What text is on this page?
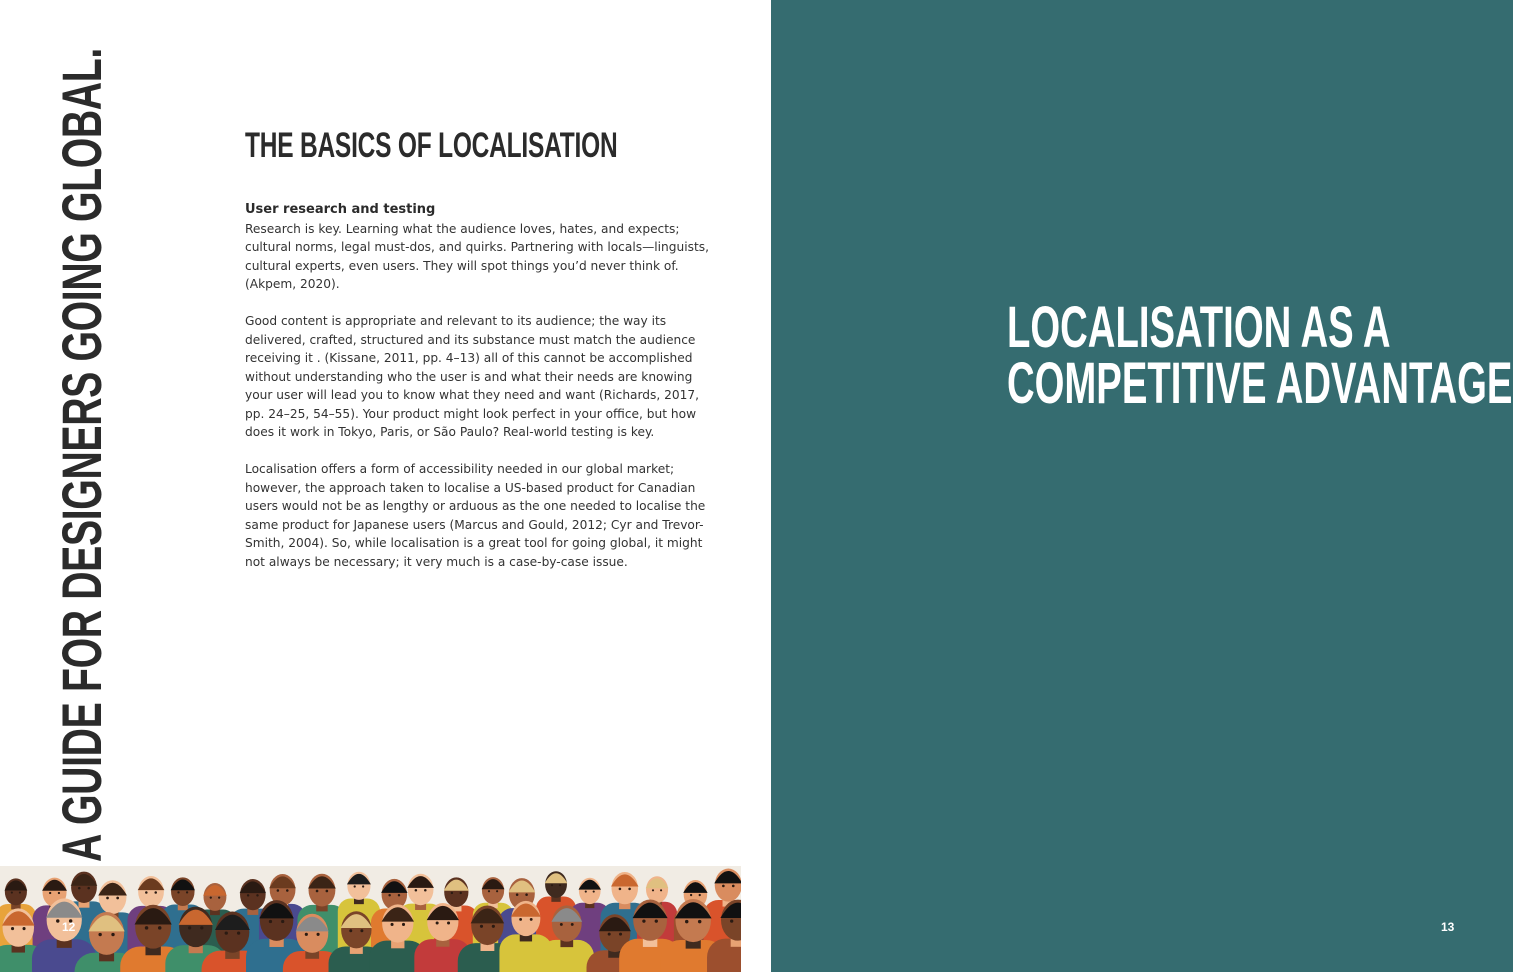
A GUIDE FOR DESIGNERS GOING GLOBAL.	THE BASICS OF LOCALISATION
User research and testing

Research is key. Learning what the audience loves, hates, and expects; cultural norms, legal must-dos, and quirks. Partnering with locals—linguists, cultural experts, even users. They will spot things you’d never think of. (Akpem, 2020).

Good content is appropriate and relevant to its audience; the way its delivered, crafted, structured and its substance must match the audience receiving it . (Kissane, 2011, pp. 4–13) all of this cannot be accomplished without understanding who the user is and what their needs are knowing your user will lead you to know what they need and want (Richards, 2017, pp. 24–25, 54–55). Your product might look perfect in your office, but how does it work in Tokyo, Paris, or São Paulo? Real-world testing is key.

Localisation offers a form of accessibility needed in our global market; however, the approach taken to localise a US-based product for Canadian users would not be as lengthy or arduous as the one needed to localise the same product for Japanese users (Marcus and Gould, 2012; Cyr and Trevor-Smith, 2004). So, while localisation is a great tool for going global, it might not always be necessary; it very much is a case-by-case issue.

12
LOCALISATION AS A
COMPETITIVE ADVANTAGE
13
